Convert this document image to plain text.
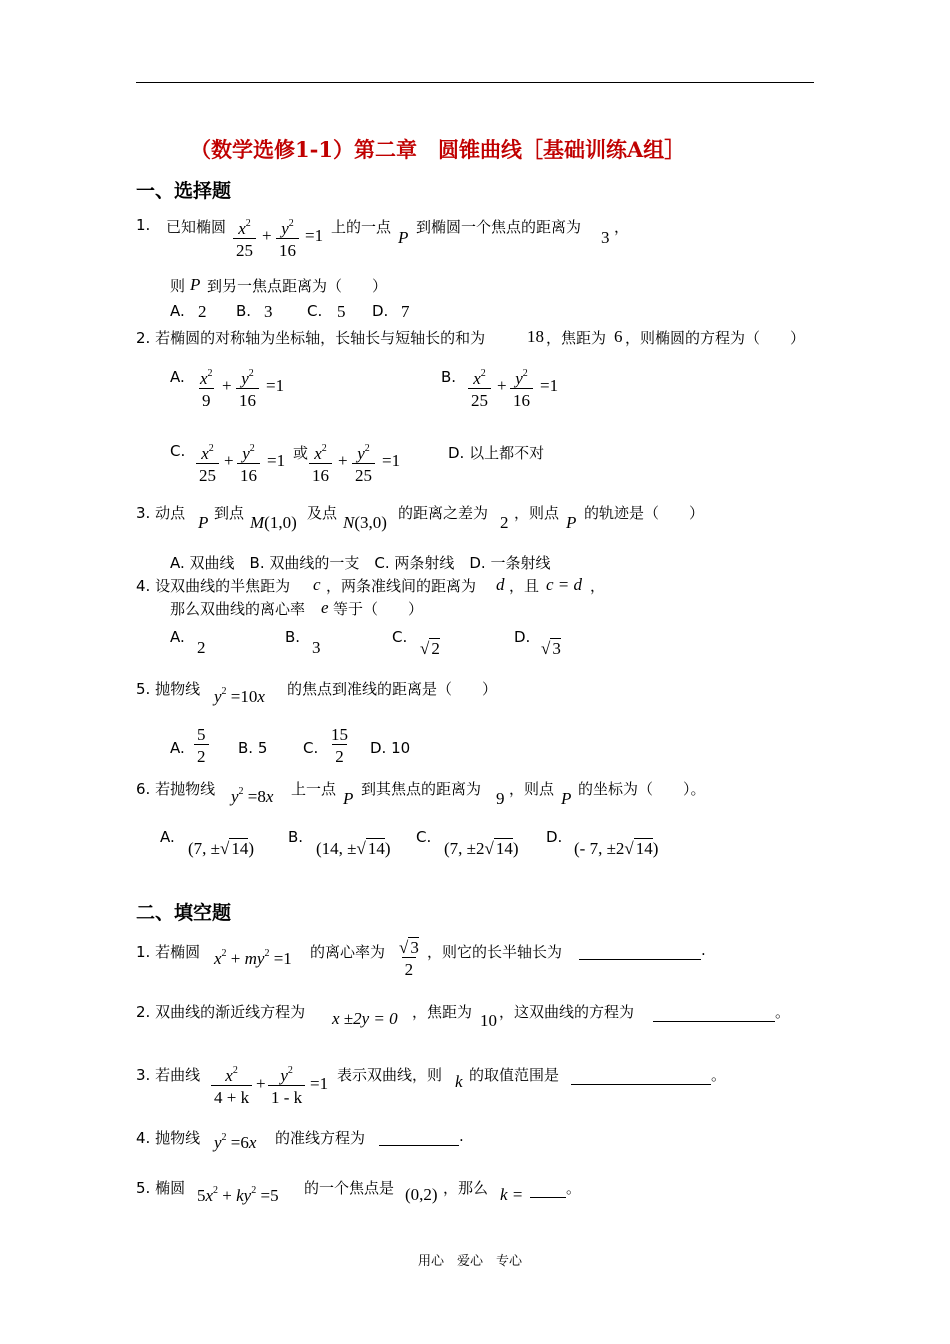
（数学选修1-1）第二章　圆锥曲线［基础训练A组］
一、选择题
1. 已知椭圆 $\frac{x^2}{25} + \frac{y^2}{16} =1$ 上的一点
P
到椭圆一个焦点的距离为
3
，
则 P 到另一焦点距离为（　　）
A. 2 B. 3 C. 5 D. 7
2. 若椭圆的对称轴为坐标轴，长轴长与短轴长的和为 18 ，焦距为 6 ，则椭圆的方程为（　　）
A. $\frac{x^2}{9} + \frac{y^2}{16} =1$	B. $\frac{x^2}{25} + \frac{y^2}{16} =1$
C. $\frac{x^2}{25} + \frac{y^2}{16} =1$ 或 $\frac{x^2}{16} + \frac{y^2}{25} =1$	D. 以上都不对
3. 动点 P 到点 M(1,0) 及点 N(3,0) 的距离之差为 2 ，则点 P 的轨迹是（　　）
A. 双曲线　B. 双曲线的一支　C. 两条射线　D. 一条射线
4. 设双曲线的半焦距为 c ，两条准线间的距离为 d ，且 c = d ，
那么双曲线的离心率 e 等于（　　）
A.
2
B.
3
C.
√ 2
D.
√ 3
5. 抛物线 $y^2 =10x$ 的焦点到准线的距离是（　　）
A. $\frac{5}{2} B$. 5 C. $\frac{15}{2} D$. 10
6. 若抛物线 $y^2 =8x$ 上一点 P 到其焦点的距离为 9 ，则点 P 的坐标为（　　）。
A.
(7, ±√ 14)
B.
(14, ±√ 14)
C.
(7, ±2√ 14)
D.
(- 7, ±2√ 14)
二、填空题
1. 若椭圆 $x^2 + my^2 =1$ 的离心率为 $\frac{√ 3}{2}$ ，则它的长半轴长为	.
2. 双曲线的渐近线方程为 x ±2y = 0 ，焦距为 10 ，这双曲线的方程为	。
3. 若曲线 $\frac{x^2}{4 + k} + \frac{y^2}{1 - k} =1$ 表示双曲线，则 k 的取值范围是	。
4. 抛物线 $y^2 =6x$ 的准线方程为	.
5. 椭圆 $5x^2 + ky^2 =5$ 的一个焦点是 (0,2) ，那么 k =	。
用心　爱心　专心
